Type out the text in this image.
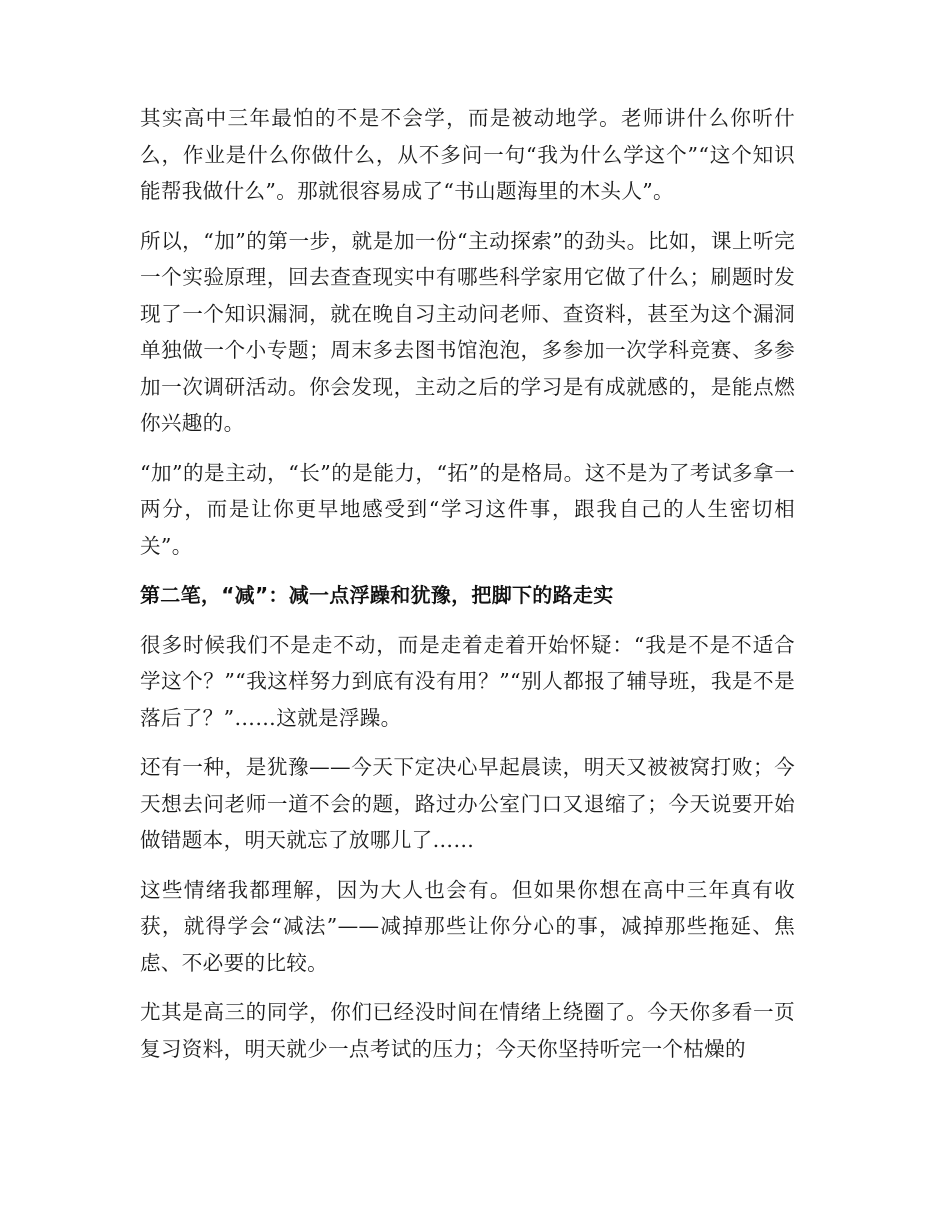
其实高中三年最怕的不是不会学，而是被动地学。老师讲什么你听什么，作业是什么你做什么，从不多问一句“我为什么学这个”“这个知识能帮我做什么”。那就很容易成了“书山题海里的木头人”。

所以，“加”的第一步，就是加一份“主动探索”的劲头。比如，课上听完一个实验原理，回去查查现实中有哪些科学家用它做了什么；刷题时发现了一个知识漏洞，就在晚自习主动问老师、查资料，甚至为这个漏洞单独做一个小专题；周末多去图书馆泡泡，多参加一次学科竞赛、多参加一次调研活动。你会发现，主动之后的学习是有成就感的，是能点燃你兴趣的。

“加”的是主动，“长”的是能力，“拓”的是格局。这不是为了考试多拿一两分，而是让你更早地感受到“学习这件事，跟我自己的人生密切相关”。

第二笔，“减”：减一点浮躁和犹豫，把脚下的路走实

很多时候我们不是走不动，而是走着走着开始怀疑：“我是不是不适合学这个？”“我这样努力到底有没有用？”“别人都报了辅导班，我是不是落后了？”……这就是浮躁。

还有一种，是犹豫——今天下定决心早起晨读，明天又被被窝打败；今天想去问老师一道不会的题，路过办公室门口又退缩了；今天说要开始做错题本，明天就忘了放哪儿了……

这些情绪我都理解，因为大人也会有。但如果你想在高中三年真有收获，就得学会“减法”——减掉那些让你分心的事，减掉那些拖延、焦虑、不必要的比较。

尤其是高三的同学，你们已经没时间在情绪上绕圈了。今天你多看一页复习资料，明天就少一点考试的压力；今天你坚持听完一个枯燥的
